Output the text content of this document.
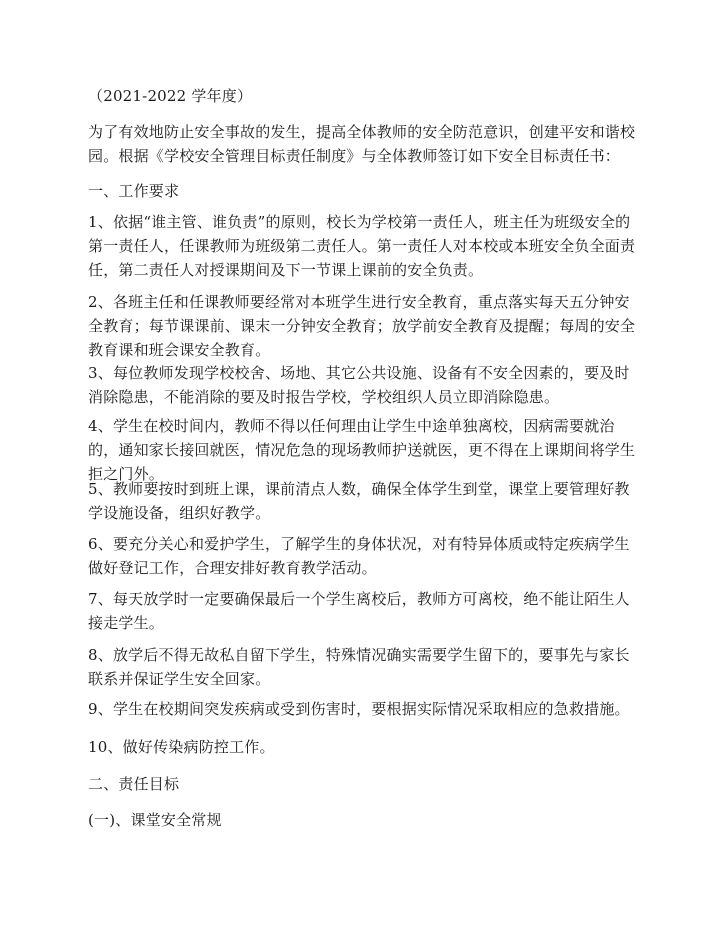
（2021-2022 学年度）

为了有效地防止安全事故的发生，提高全体教师的安全防范意识，创建平安和谐校园。根据《学校安全管理目标责任制度》与全体教师签订如下安全目标责任书：

一、工作要求

1、依据“谁主管、谁负责”的原则，校长为学校第一责任人，班主任为班级安全的第一责任人，任课教师为班级第二责任人。第一责任人对本校或本班安全负全面责任，第二责任人对授课期间及下一节课上课前的安全负责。

2、各班主任和任课教师要经常对本班学生进行安全教育，重点落实每天五分钟安全教育；每节课课前、课末一分钟安全教育；放学前安全教育及提醒；每周的安全教育课和班会课安全教育。

3、每位教师发现学校校舍、场地、其它公共设施、设备有不安全因素的，要及时消除隐患，不能消除的要及时报告学校，学校组织人员立即消除隐患。

4、学生在校时间内，教师不得以任何理由让学生中途单独离校，因病需要就治的，通知家长接回就医，情况危急的现场教师护送就医，更不得在上课期间将学生拒之门外。

5、教师要按时到班上课，课前清点人数，确保全体学生到堂，课堂上要管理好教学设施设备，组织好教学。

6、要充分关心和爱护学生，了解学生的身体状况，对有特异体质或特定疾病学生做好登记工作，合理安排好教育教学活动。

7、每天放学时一定要确保最后一个学生离校后，教师方可离校，绝不能让陌生人接走学生。

8、放学后不得无故私自留下学生，特殊情况确实需要学生留下的，要事先与家长联系并保证学生安全回家。

9、学生在校期间突发疾病或受到伤害时，要根据实际情况采取相应的急救措施。

10、做好传染病防控工作。

二、责任目标

(一)、课堂安全常规
